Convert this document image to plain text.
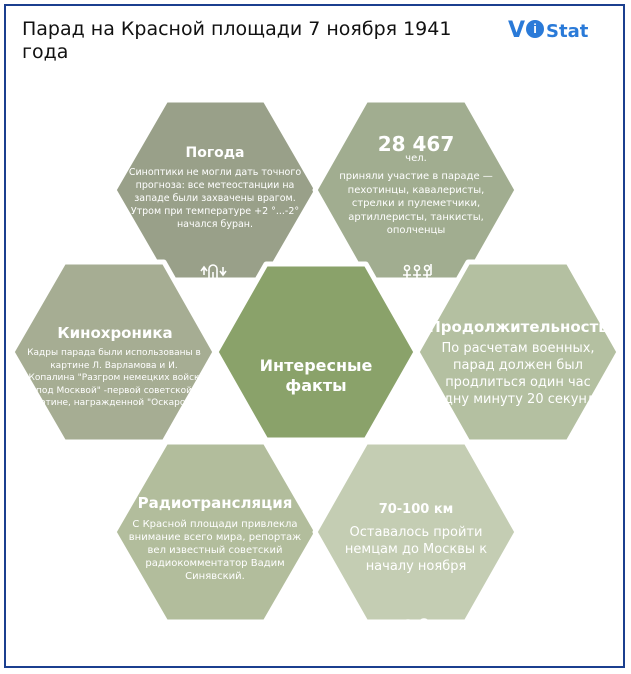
Парад на Красной площади 7 ноября 1941 года
V i Stat
Погода
Синоптики не могли дать точного прогноза: все метеостанции на западе были захвачены врагом. Утром при температуре +2 °...-2° начался буран.
28 467
чел.
приняли участие в параде — пехотинцы, кавалеристы, стрелки и пулеметчики, артиллеристы, танкисты, ополченцы
Кинохроника
Кадры парада были использованы в картине Л. Варламова и И. Копалина "Разгром немецких войск под Москвой" -первой советской картине, награжденной "Оскаром".
Интересные факты
Продолжительность
По расчетам военных, парад должен был продлиться один час одну минуту 20 секунд.
Радиотрансляция
С Красной площади привлекла внимание всего мира, репортаж вел известный советский радиокомментатор Вадим Синявский.
70-100 км
Оставалось пройти немцам до Москвы к началу ноября
